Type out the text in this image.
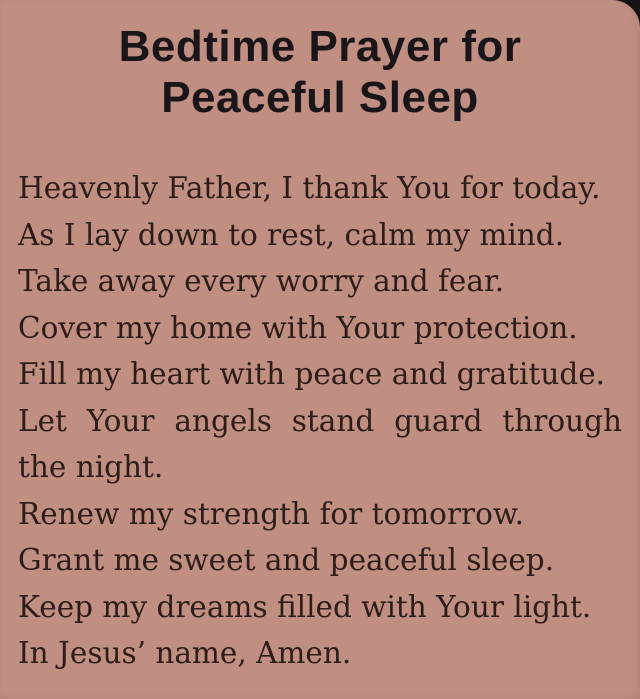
Bedtime Prayer for
Peaceful Sleep

Heavenly Father, I thank You for today.

As I lay down to rest, calm my mind.

Take away every worry and fear.

Cover my home with Your protection.

Fill my heart with peace and gratitude.

Let Your angels stand guard through

the night.

Renew my strength for tomorrow.

Grant me sweet and peaceful sleep.

Keep my dreams filled with Your light.

In Jesus’ name, Amen.
